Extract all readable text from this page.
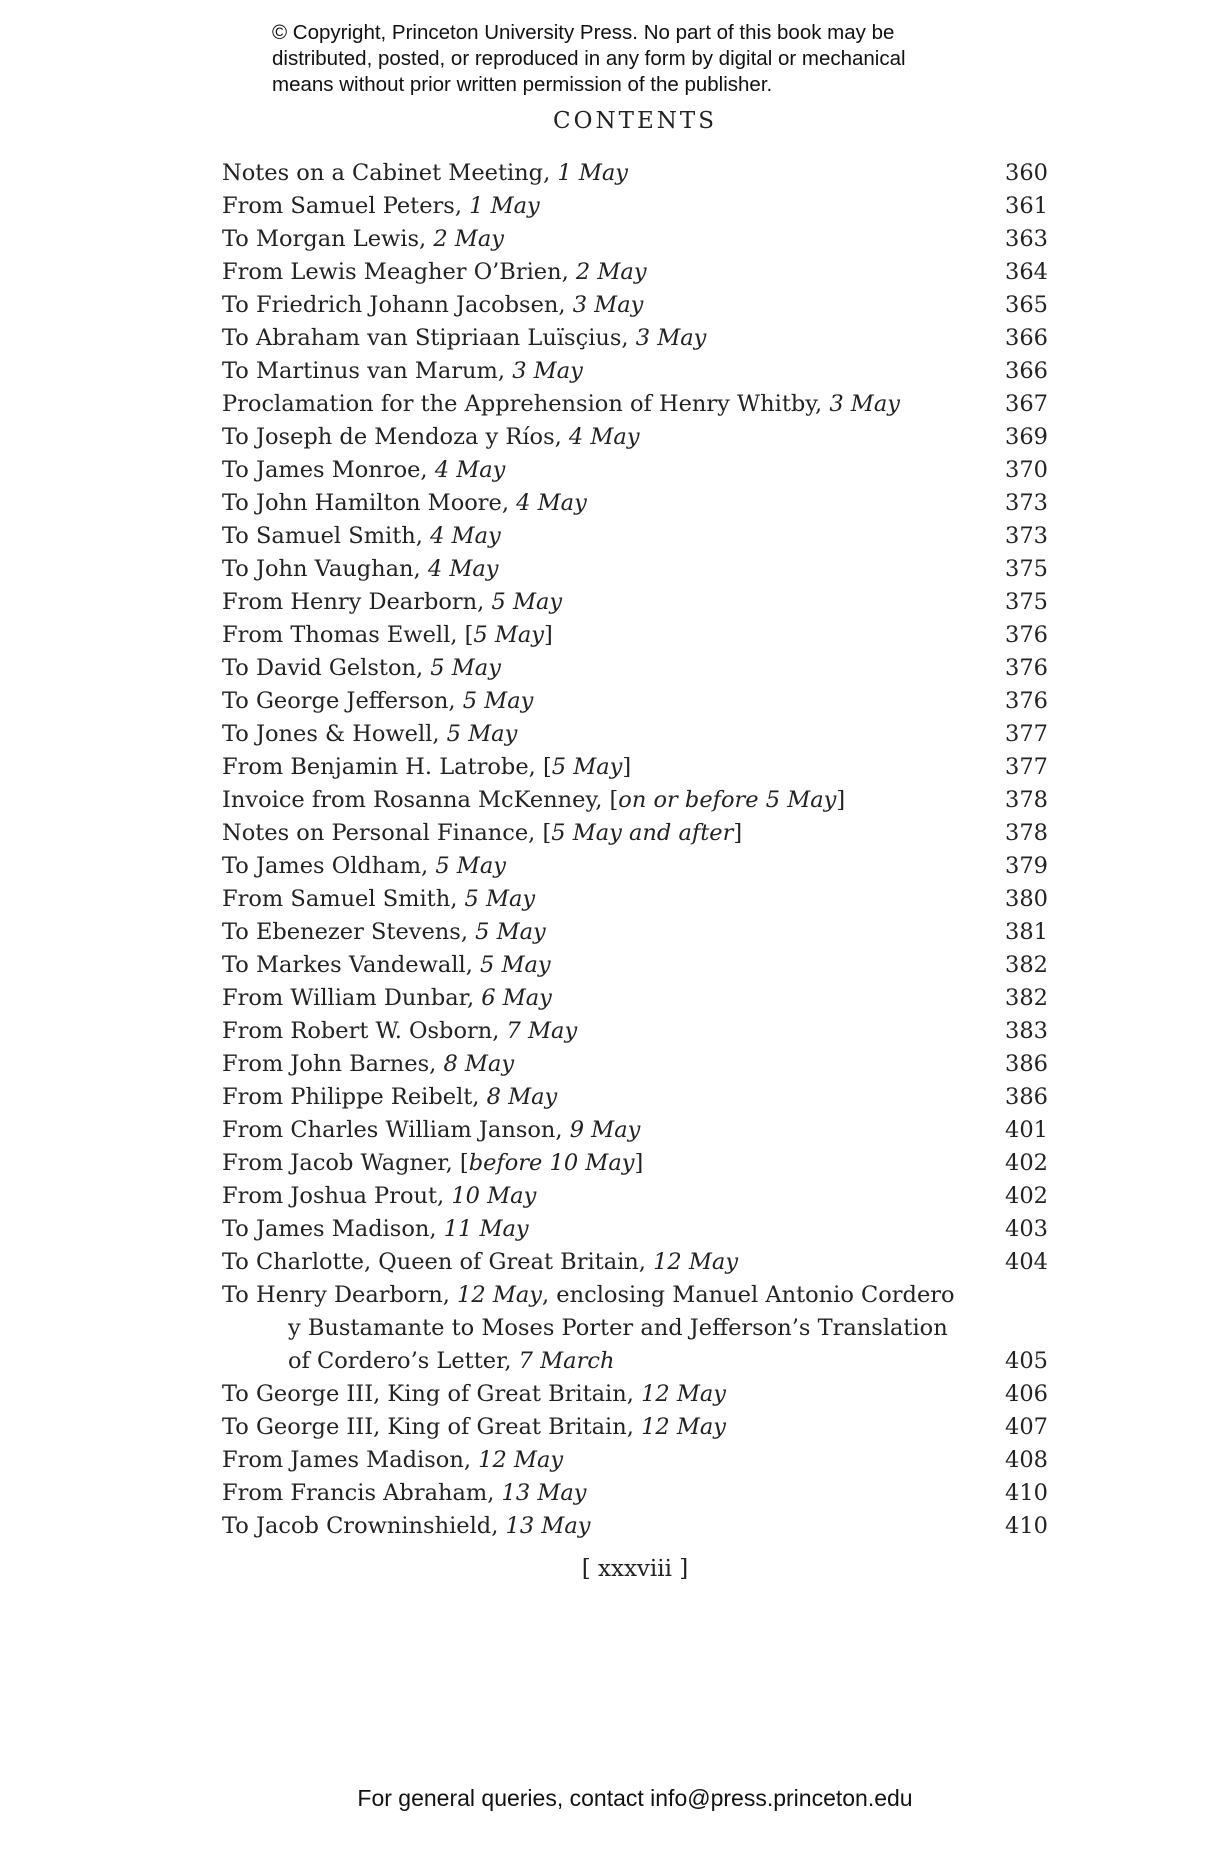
© Copyright, Princeton University Press. No part of this book may be
distributed, posted, or reproduced in any form by digital or mechanical
means without prior written permission of the publisher.
CONTENTS
Notes on a Cabinet Meeting, 1 May	360
From Samuel Peters, 1 May	361
To Morgan Lewis, 2 May	363
From Lewis Meagher O’Brien, 2 May	364
To Friedrich Johann Jacobsen, 3 May	365
To Abraham van Stipriaan Luïsçius, 3 May	366
To Martinus van Marum, 3 May	366
Proclamation for the Apprehension of Henry Whitby, 3 May	367
To Joseph de Mendoza y Ríos, 4 May	369
To James Monroe, 4 May	370
To John Hamilton Moore, 4 May	373
To Samuel Smith, 4 May	373
To John Vaughan, 4 May	375
From Henry Dearborn, 5 May	375
From Thomas Ewell, [5 May]	376
To David Gelston, 5 May	376
To George Jefferson, 5 May	376
To Jones & Howell, 5 May	377
From Benjamin H. Latrobe, [5 May]	377
Invoice from Rosanna McKenney, [on or before 5 May]	378
Notes on Personal Finance, [5 May and after]	378
To James Oldham, 5 May	379
From Samuel Smith, 5 May	380
To Ebenezer Stevens, 5 May	381
To Markes Vandewall, 5 May	382
From William Dunbar, 6 May	382
From Robert W. Osborn, 7 May	383
From John Barnes, 8 May	386
From Philippe Reibelt, 8 May	386
From Charles William Janson, 9 May	401
From Jacob Wagner, [before 10 May]	402
From Joshua Prout, 10 May	402
To James Madison, 11 May	403
To Charlotte, Queen of Great Britain, 12 May	404
To Henry Dearborn, 12 May, enclosing Manuel Antonio Cordero
y Bustamante to Moses Porter and Jefferson’s Translation
of Cordero’s Letter, 7 March	405
To George III, King of Great Britain, 12 May	406
To George III, King of Great Britain, 12 May	407
From James Madison, 12 May	408
From Francis Abraham, 13 May	410
To Jacob Crowninshield, 13 May	410
[ xxxviii ]
For general queries, contact info@press.princeton.edu
